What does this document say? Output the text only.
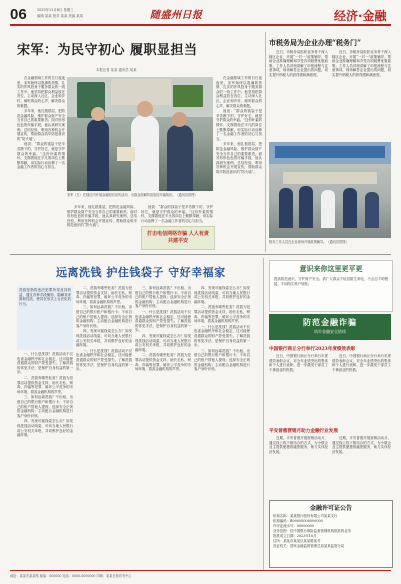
06	2023年11月8日 星期三
编辑 某某 校对 某某 美编 某某	随盛州日报	经济·金融
宋军：为民守初心 履职显担当
本报记者 某某 通讯员 某某

在金融领域工作的日日夜夜里，宋军始终以饱满的热情、扎实的作风投身于服务群众的一线工作中。他坚持把群众利益放在首位，主动深入社区、企业和乡村，倾听群众的心声，解决群众的难题。

多年来，他扎根基层，把防范金融风险、维护群众财产安全当作自己的重要职责。面对形形色色的诈骗手段，他认真研究案例，总结经验，利用各种机会开展宣传，帮助群众筑牢防范意识的“防火墙”。

他说：“群众的钱袋子是辛苦攒下的，守护好它，就是守护群众的幸福。”这份朴素的情怀，支撑着他在平凡的岗位上默默奉献，用实际行动诠释了一名金融工作者的初心与担当。

宋军（左）在辖区内开展金融知识宣传活动，为群众讲解防范电信诈骗知识。（通讯员供图）

多年来，他扎根基层，把防范金融风险、维护群众财产安全当作自己的重要职责。面对形形色色的诈骗手段，他认真研究案例，总结经验，利用各种机会开展宣传，帮助群众筑牢防范意识的“防火墙”。

他说：“群众的钱袋子是辛苦攒下的，守护好它，就是守护群众的幸福。”这份朴素的情怀，支撑着他在平凡的岗位上默默奉献，用实际行动诠释了一名金融工作者的初心与担当。

打击电信网络诈骗 人人有责 共建平安

在金融领域工作的日日夜夜里，宋军始终以饱满的热情、扎实的作风投身于服务群众的一线工作中。他坚持把群众利益放在首位，主动深入社区、企业和乡村，倾听群众的心声，解决群众的难题。

他说：“群众的钱袋子是辛苦攒下的，守护好它，就是守护群众的幸福。”这份朴素的情怀，支撑着他在平凡的岗位上默默奉献，用实际行动诠释了一名金融工作者的初心与担当。

多年来，他扎根基层，把防范金融风险、维护群众财产安全当作自己的重要职责。面对形形色色的诈骗手段，他认真研究案例，总结经验，利用各种机会开展宣传，帮助群众筑牢防范意识的“防火墙”。

市税务局为企业办理“税务门”

近日，市税务局组织业务骨干深入辖区企业，开展“一对一”政策辅导，帮助企业准确理解和享受各项税费优惠政策。工作人员详细讲解了申报流程与注意事项，现场解答企业提出的问题，切实提升纳税人的获得感和满意度。

近日，市税务局组织业务骨干深入辖区企业，开展“一对一”政策辅导，帮助企业准确理解和享受各项税费优惠政策。工作人员详细讲解了申报流程与注意事项，现场解答企业提出的问题，切实提升纳税人的获得感和满意度。

税务工作人员在企业现场开展政策辅导。（通讯员供图）
远离洗钱 护住钱袋子 守好幸福家
洗钱是指将违法犯罪所得及其收益，通过各种手段掩饰、隐瞒其来源和性质，使其在形式上合法化的行为。

一、什么是洗钱？洗钱活动不仅危害金融秩序和社会稳定，还可能使普通群众的财产蒙受损失。了解洗钱的常见手法，是保护自身权益的第一步。

二、洗钱有哪些危害？洗钱为犯罪活动提供资金支持，助长走私、贩毒、诈骗等犯罪，破坏公平竞争的市场环境，损害金融机构的声誉。

三、如何远离洗钱？不出租、出借自己的银行账户和银行卡；不用自己的账户替他人提现；选择安全正规的金融机构；主动配合金融机构进行客户身份识别。

四、发现可疑线索怎么办？如发现洗钱活动线索，可向当地人民银行或公安机关举报，共同维护良好的金融环境。

二、洗钱有哪些危害？洗钱为犯罪活动提供资金支持，助长走私、贩毒、诈骗等犯罪，破坏公平竞争的市场环境，损害金融机构的声誉。

三、如何远离洗钱？不出租、出借自己的银行账户和银行卡；不用自己的账户替他人提现；选择安全正规的金融机构；主动配合金融机构进行客户身份识别。

四、发现可疑线索怎么办？如发现洗钱活动线索，可向当地人民银行或公安机关举报，共同维护良好的金融环境。

一、什么是洗钱？洗钱活动不仅危害金融秩序和社会稳定，还可能使普通群众的财产蒙受损失。了解洗钱的常见手法，是保护自身权益的第一步。

三、如何远离洗钱？不出租、出借自己的银行账户和银行卡；不用自己的账户替他人提现；选择安全正规的金融机构；主动配合金融机构进行客户身份识别。

一、什么是洗钱？洗钱活动不仅危害金融秩序和社会稳定，还可能使普通群众的财产蒙受损失。了解洗钱的常见手法，是保护自身权益的第一步。

四、发现可疑线索怎么办？如发现洗钱活动线索，可向当地人民银行或公安机关举报，共同维护良好的金融环境。

二、洗钱有哪些危害？洗钱为犯罪活动提供资金支持，助长走私、贩毒、诈骗等犯罪，破坏公平竞争的市场环境，损害金融机构的声誉。

四、发现可疑线索怎么办？如发现洗钱活动线索，可向当地人民银行或公安机关举报，共同维护良好的金融环境。

二、洗钱有哪些危害？洗钱为犯罪活动提供资金支持，助长走私、贩毒、诈骗等犯罪，破坏公平竞争的市场环境，损害金融机构的声誉。

一、什么是洗钱？洗钱活动不仅危害金融秩序和社会稳定，还可能使普通群众的财产蒙受损失。了解洗钱的常见手法，是保护自身权益的第一步。

三、如何远离洗钱？不出租、出借自己的银行账户和银行卡；不用自己的账户替他人提现；选择安全正规的金融机构；主动配合金融机构进行客户身份识别。

意识来你这里更平更
提高防范意识，守护财产安全。请广大群众不轻信陌生来电，不点击不明链接，不向陌生账户转账。
防范金融诈骗
筑牢金融安全防线
中国银行商丘分行举行2023年度绩效表彰

近日，中国银行商丘分行举行年度绩效表彰会议，对全年业绩突出的集体和个人进行表彰，进一步激发干部员工干事创业的热情。

近日，中国银行商丘分行举行年度绩效表彰会议，对全年业绩突出的集体和个人进行表彰，进一步激发干部员工干事创业的热情。

平安普惠营销月助力金融行业发展

近期，平安普惠开展营销活动月，通过线上线下相结合的方式，为小微企业主提供便捷的融资服务，助力实体经济发展。

近期，平安普惠开展营销活动月，通过线上线下相结合的方式，为小微企业主提供便捷的融资服务，助力实体经济发展。

金融许可证公告
机构名称：某某银行股份有限公司某某支行
机构编码：B0000S000000000
许可证流水号：00000000
业务范围：经中国银行保险监督管理机构批准的业务
批准成立日期：2023年10月
住所：某某市某某区某某路某号
发证机关：国家金融监督管理总局某某监管分局
地址：某某市某某路 邮编：000000 电话：0000-0000000 印刷：某某日报印务中心
